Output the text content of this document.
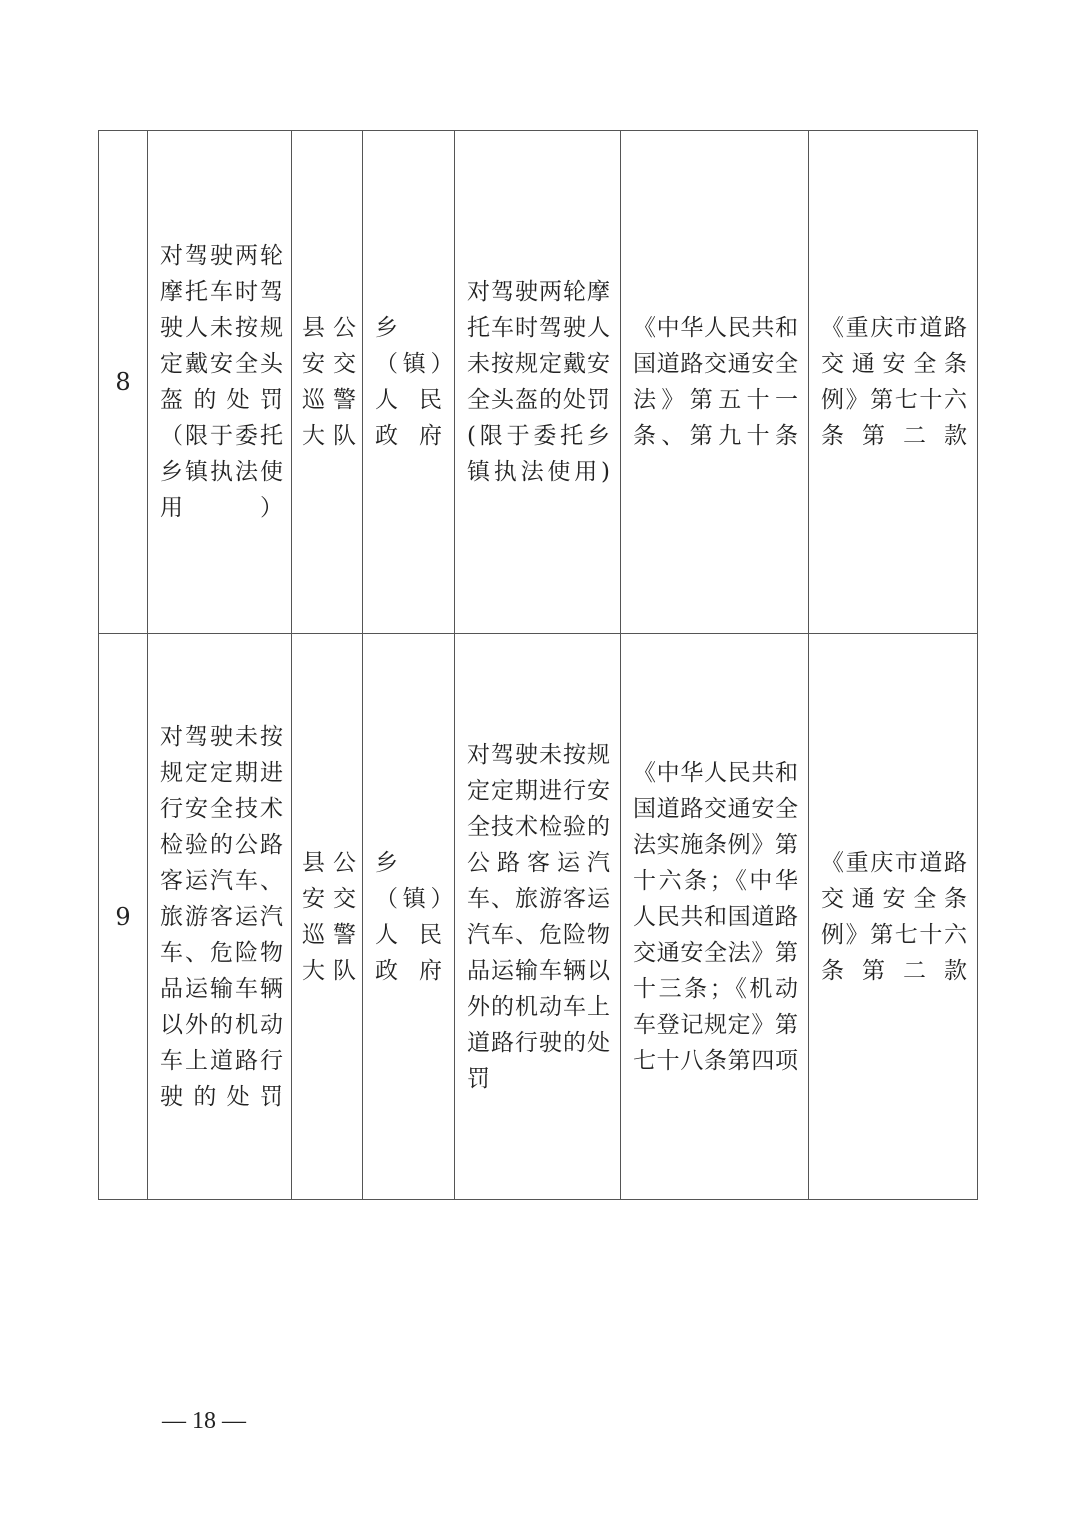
8	对驾驶两轮摩托车时驾驶人未按规定戴安全头盔的处罚（限于委托乡镇执法使用）	县公安交巡警大队	乡（镇）人民政府	对驾驶两轮摩托车时驾驶人未按规定戴安全头盔的处罚(限于委托乡镇执法使用)	《中华人民共和国道路交通安全法》第五十一条、第九十条	《重庆市道路交通安全条例》第七十六条第二款

9	对驾驶未按规定定期进行安全技术检验的公路客运汽车、旅游客运汽车、危险物品运输车辆以外的机动车上道路行驶的处罚	县公安交巡警大队	乡（镇）人民政府	对驾驶未按规定定期进行安全技术检验的公路客运汽车、旅游客运汽车、危险物品运输车辆以外的机动车上道路行驶的处罚	《中华人民共和国道路交通安全法实施条例》第十六条；《中华人民共和国道路交通安全法》第十三条；《机动车登记规定》第七十八条第四项	《重庆市道路交通安全条例》第七十六条第二款
— 18 —
